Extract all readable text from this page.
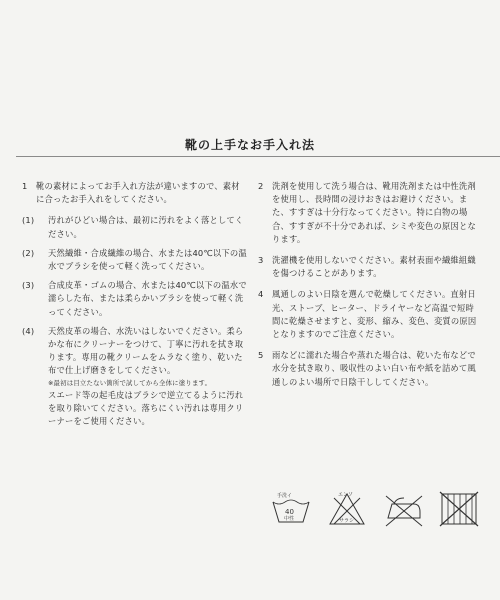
靴の上手なお手入れ法
1 靴の素材によってお手入れ方法が違いますので、素材に合ったお手入れをしてください。
(1) 汚れがひどい場合は、最初に汚れをよく落としてください。
(2) 天然繊維・合成繊維の場合、水または40℃以下の温水でブラシを使って軽く洗ってください。
(3) 合成皮革・ゴムの場合、水または40℃以下の温水で濡らした布、または柔らかいブラシを使って軽く洗ってください。
(4) 天然皮革の場合、水洗いはしないでください。柔らかな布にクリーナーをつけて、丁寧に汚れを拭き取ります。専用の靴クリームをムラなく塗り、乾いた布で仕上げ磨きをしてください。
※最初は目立たない箇所で試してから全体に塗ります。
スエード等の起毛皮はブラシで逆立てるように汚れを取り除いてください。落ちにくい汚れは専用クリーナーをご使用ください。
2 洗剤を使用して洗う場合は、靴用洗剤または中性洗剤を使用し、長時間の浸けおきはお避けください。また、すすぎは十分行なってください。特に白物の場合、すすぎが不十分であれば、シミや変色の原因となります。
3 洗濯機を使用しないでください。素材表面や繊維組織を傷つけることがあります。
4 風通しのよい日陰を選んで乾燥してください。直射日光、ストーブ、ヒーター、ドライヤーなど高温で短時間に乾燥させますと、変形、縮み、変色、変質の原因となりますのでご注意ください。
5 雨などに濡れた場合や蒸れた場合は、乾いた布などで水分を拭き取り、吸収性のよい白い布や紙を詰めて風通しのよい場所で日陰干ししてください。
手洗イ
40
中性
エンソ
サラシ
